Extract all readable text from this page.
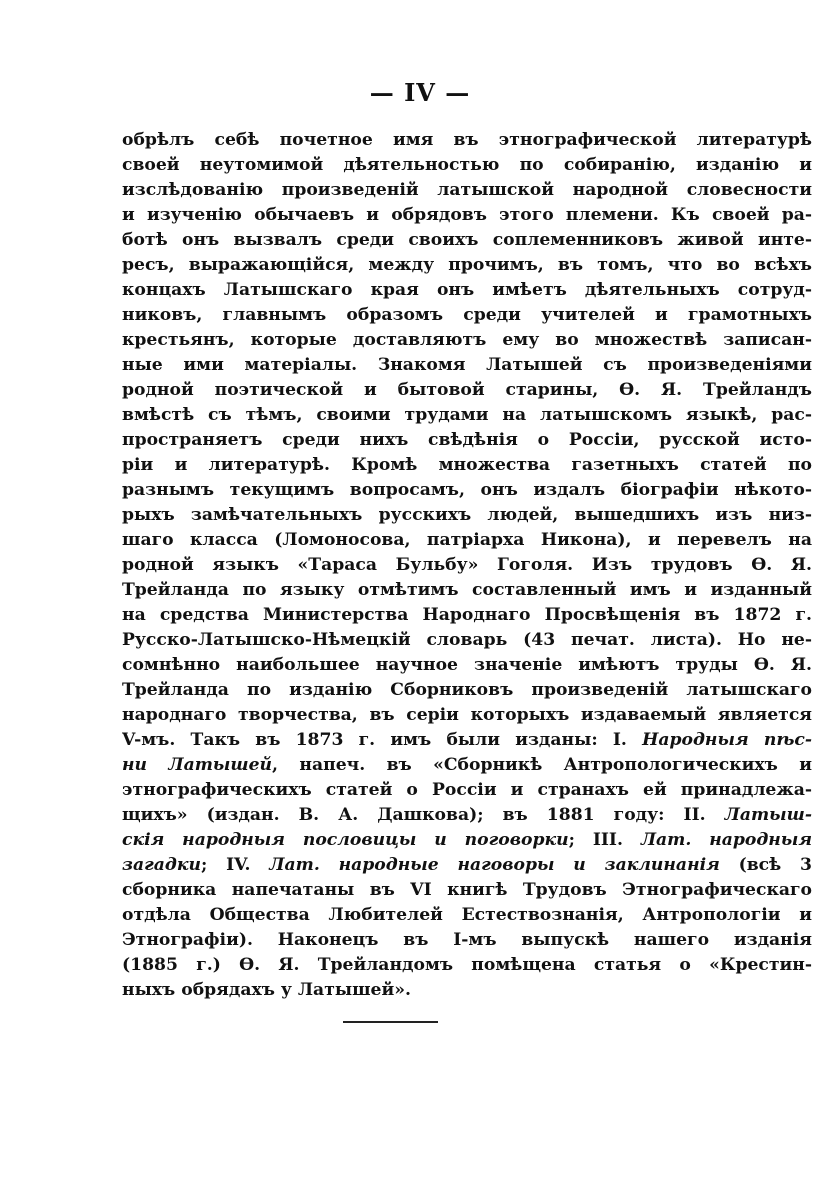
— IV —
обрѣлъ себѣ почетное имя въ этнографической литературѣ
своей неутомимой дѣятельностью по собиранію, изданію и
изслѣдованію произведеній латышской народной словесности
и изученію обычаевъ и обрядовъ этого племени. Къ своей ра-
ботѣ онъ вызвалъ среди своихъ соплеменниковъ живой инте-
ресъ, выражающійся, между прочимъ, въ томъ, что во всѣхъ
концахъ Латышскаго края онъ имѣетъ дѣятельныхъ сотруд-
никовъ, главнымъ образомъ среди учителей и грамотныхъ
крестьянъ, которые доставляютъ ему во множествѣ записан-
ные ими матеріалы. Знакомя Латышей съ произведеніями
родной поэтической и бытовой старины, Ѳ. Я. Трейландъ
вмѣстѣ съ тѣмъ, своими трудами на латышскомъ языкѣ, рас-
пространяетъ среди нихъ свѣдѣнія о Россіи, русской исто-
ріи и литературѣ. Кромѣ множества газетныхъ статей по
разнымъ текущимъ вопросамъ, онъ издалъ біографіи нѣкото-
рыхъ замѣчательныхъ русскихъ людей, вышедшихъ изъ низ-
шаго класса (Ломоносова, патріарха Никона), и перевелъ на
родной языкъ «Тараса Бульбу» Гоголя. Изъ трудовъ Ѳ. Я.
Трейланда по языку отмѣтимъ составленный имъ и изданный
на средства Министерства Народнаго Просвѣщенія въ 1872 г.
Русско-Латышско-Нѣмецкій словарь (43 печат. листа). Но не-
сомнѣнно наибольшее научное значеніе имѣютъ труды Ѳ. Я.
Трейланда по изданію Сборниковъ произведеній латышскаго
народнаго творчества, въ серіи которыхъ издаваемый является
V-мъ. Такъ въ 1873 г. имъ были изданы: I. Народныя пѣс-
ни Латышей, напеч. въ «Сборникѣ Антропологическихъ и
этнографическихъ статей о Россіи и странахъ ей принадлежа-
щихъ» (издан. В. А. Дашкова); въ 1881 году: II. Латыш-
скія народныя пословицы и поговорки; III. Лат. народныя
загадки; IV. Лат. народные наговоры и заклинанія (всѣ 3
сборника напечатаны въ VI книгѣ Трудовъ Этнографическаго
отдѣла Общества Любителей Естествознанія, Антропологіи и
Этнографіи). Наконецъ въ I-мъ выпускѣ нашего изданія
(1885 г.) Ѳ. Я. Трейландомъ помѣщена статья о «Крестин-
ныхъ обрядахъ у Латышей».
